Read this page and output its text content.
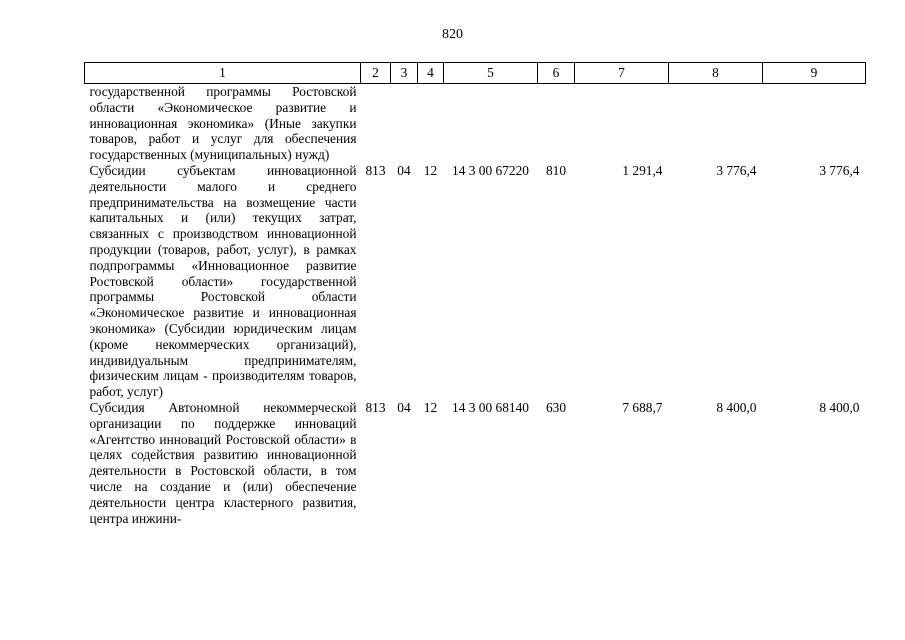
820
1	2	3	4	5	6	7	8	9
государственной программы Ростовской области «Экономическое развитие и инновационная экономика» (Иные закупки товаров, работ и услуг для обеспечения государственных (муниципальных) нужд)								
Субсидии субъектам инновационной деятельности малого и среднего предпринимательства на возмещение части капитальных и (или) текущих затрат, связанных с производством инновационной продукции (товаров, работ, услуг), в рамках подпрограммы «Инновационное развитие Ростовской области» государственной программы Ростовской области «Экономическое развитие и инновационная экономика» (Субсидии юридическим лицам (кроме некоммерческих организаций), индивидуальным предпринимателям, физическим лицам - производителям товаров, работ, услуг)	813	04	12	14 3 00 67220	810	1 291,4	3 776,4	3 776,4
Субсидия Автономной некоммерческой организации по поддержке инноваций «Агентство инноваций Ростовской области» в целях содействия развитию инновационной деятельности в Ростовской области, в том числе на создание и (или) обеспечение деятельности центра кластерного развития, центра инжини-	813	04	12	14 3 00 68140	630	7 688,7	8 400,0	8 400,0
